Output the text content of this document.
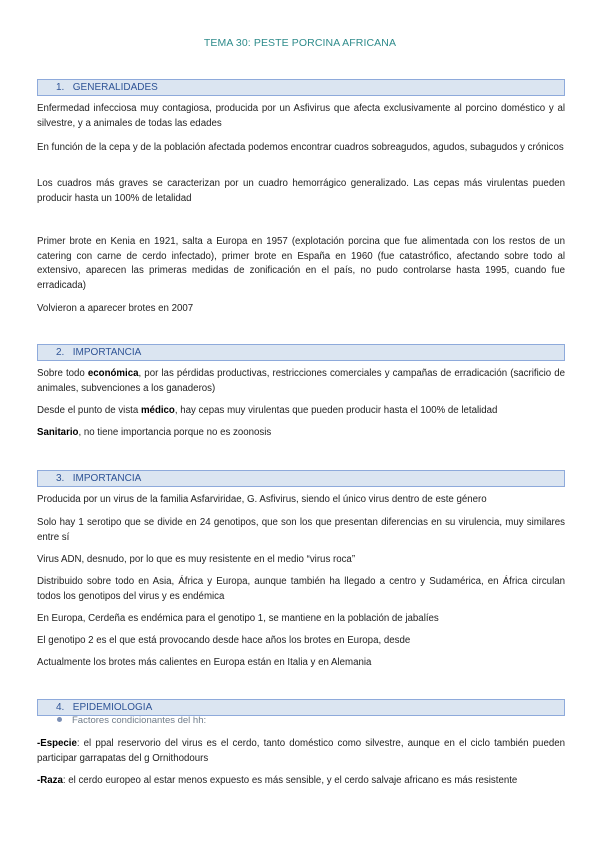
TEMA 30: PESTE PORCINA AFRICANA
1. GENERALIDADES
Enfermedad infecciosa muy contagiosa, producida por un Asfivirus que afecta exclusivamente al porcino doméstico y al silvestre, y a animales de todas las edades
En función de la cepa y de la población afectada podemos encontrar cuadros sobreagudos, agudos, subagudos y crónicos
Los cuadros más graves se caracterizan por un cuadro hemorrágico generalizado. Las cepas más virulentas pueden producir hasta un 100% de letalidad
Primer brote en Kenia en 1921, salta a Europa en 1957 (explotación porcina que fue alimentada con los restos de un catering con carne de cerdo infectado), primer brote en España en 1960 (fue catastrófico, afectando sobre todo al extensivo, aparecen las primeras medidas de zonificación en el país, no pudo controlarse hasta 1995, cuando fue erradicada)
Volvieron a aparecer brotes en 2007
2. IMPORTANCIA
Sobre todo económica, por las pérdidas productivas, restricciones comerciales y campañas de erradicación (sacrificio de animales, subvenciones a los ganaderos)
Desde el punto de vista médico, hay cepas muy virulentas que pueden producir hasta el 100% de letalidad
Sanitario, no tiene importancia porque no es zoonosis
3. IMPORTANCIA
Producida por un virus de la familia Asfarviridae, G. Asfivirus, siendo el único virus dentro de este género
Solo hay 1 serotipo que se divide en 24 genotipos, que son los que presentan diferencias en su virulencia, muy similares entre sí
Virus ADN, desnudo, por lo que es muy resistente en el medio “virus roca”
Distribuido sobre todo en Asia, África y Europa, aunque también ha llegado a centro y Sudamérica, en África circulan todos los genotipos del virus y es endémica
En Europa, Cerdeña es endémica para el genotipo 1, se mantiene en la población de jabalíes
El genotipo 2 es el que está provocando desde hace años los brotes en Europa, desde
Actualmente los brotes más calientes en Europa están en Italia y en Alemania
4. EPIDEMIOLOGIA
Factores condicionantes del hh:
-Especie: el ppal reservorio del virus es el cerdo, tanto doméstico como silvestre, aunque en el ciclo también pueden participar garrapatas del g Ornithodours
-Raza: el cerdo europeo al estar menos expuesto es más sensible, y el cerdo salvaje africano es más resistente
